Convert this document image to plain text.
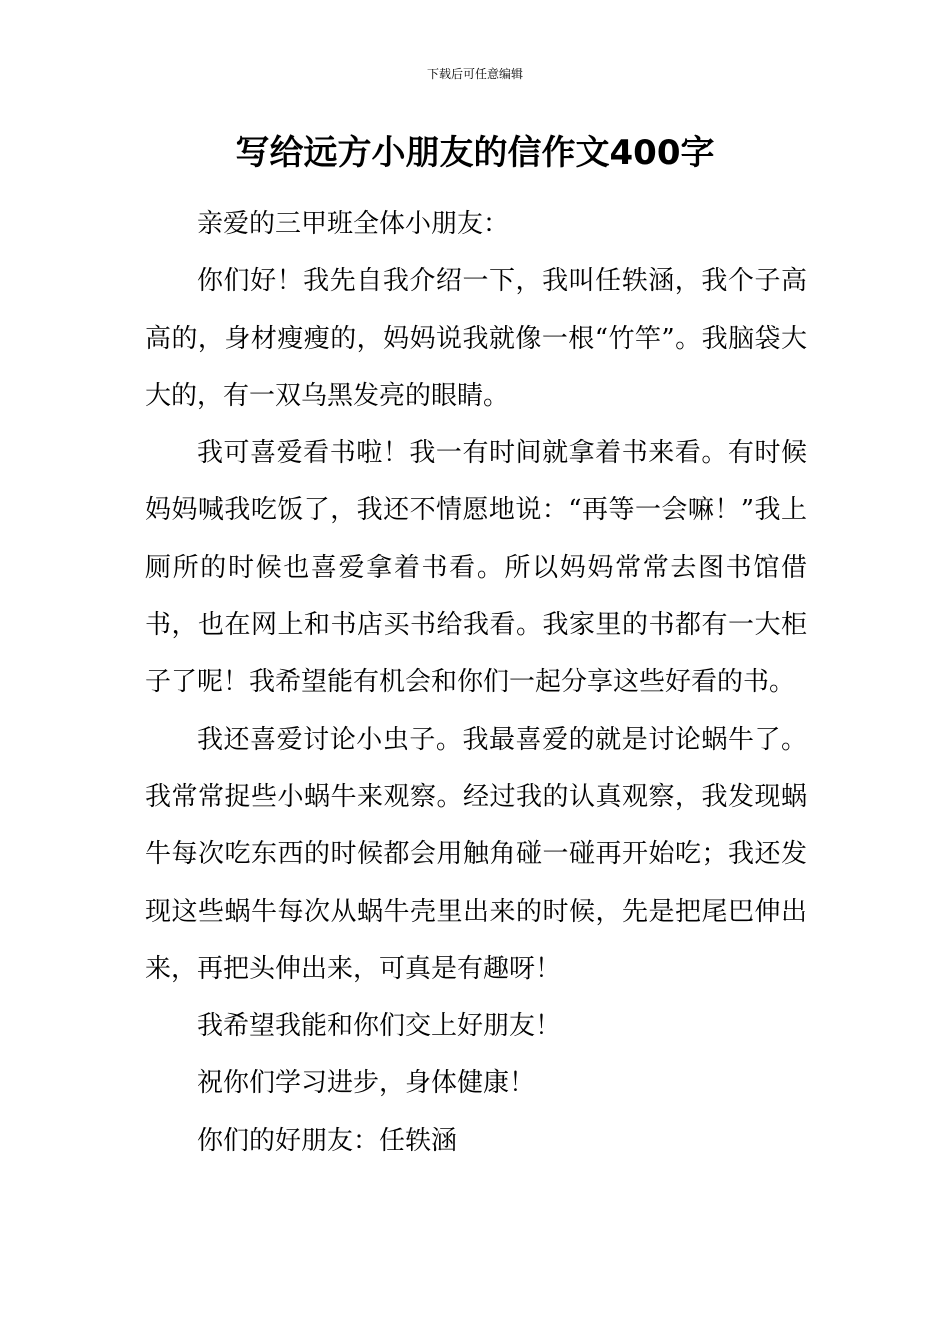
下载后可任意编辑
写给远方小朋友的信作文400字

亲爱的三甲班全体小朋友：

你们好！我先自我介绍一下，我叫任轶涵，我个子高高的，身材瘦瘦的，妈妈说我就像一根“竹竿”。我脑袋大大的，有一双乌黑发亮的眼睛。

我可喜爱看书啦！我一有时间就拿着书来看。有时候妈妈喊我吃饭了，我还不情愿地说：“再等一会嘛！”我上厕所的时候也喜爱拿着书看。所以妈妈常常去图书馆借书，也在网上和书店买书给我看。我家里的书都有一大柜子了呢！我希望能有机会和你们一起分享这些好看的书。

我还喜爱讨论小虫子。我最喜爱的就是讨论蜗牛了。我常常捉些小蜗牛来观察。经过我的认真观察，我发现蜗牛每次吃东西的时候都会用触角碰一碰再开始吃；我还发现这些蜗牛每次从蜗牛壳里出来的时候，先是把尾巴伸出来，再把头伸出来，可真是有趣呀！

我希望我能和你们交上好朋友！

祝你们学习进步，身体健康！

你们的好朋友：任轶涵
